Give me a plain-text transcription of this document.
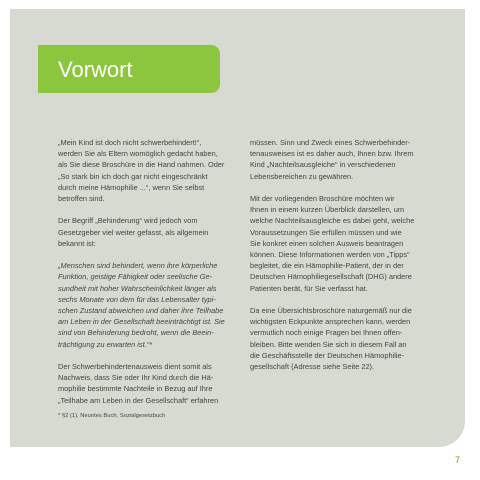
Vorwort
„Mein Kind ist doch nicht schwerbehindert!“,
werden Sie als Eltern womöglich gedacht haben,
als Sie diese Broschüre in die Hand nahmen. Oder
„So stark bin ich doch gar nicht eingeschränkt
durch meine Hämophilie ...“, wenn Sie selbst
betroffen sind.
Der Begriff „Behinderung“ wird jedoch vom
Gesetzgeber viel weiter gefasst, als allgemein
bekannt ist:
„Menschen sind behindert, wenn ihre körperliche
Funktion, geistige Fähigkeit oder seelische Ge-
sundheit mit hoher Wahrscheinlichkeit länger als
sechs Monate von dem für das Lebensalter typi-
schen Zustand abweichen und daher ihre Teilhabe
am Leben in der Gesellschaft beeinträchtigt ist. Sie
sind von Behinderung bedroht, wenn die Beein-
trächtigung zu erwarten ist.“*
Der Schwerbehindertenausweis dient somit als
Nachweis, dass Sie oder Ihr Kind durch die Hä-
mophilie bestimmte Nachteile in Bezug auf Ihre
„Teilhabe am Leben in der Gesellschaft“ erfahren
müssen. Sinn und Zweck eines Schwerbehinder-
tenausweises ist es daher auch, Ihnen bzw. Ihrem
Kind „Nachteilsausgleiche“ in verschiedenen
Lebensbereichen zu gewähren.
Mit der vorliegenden Broschüre möchten wir
Ihnen in einem kurzen Überblick darstellen, um
welche Nachteilsausgleiche es dabei geht, welche
Voraussetzungen Sie erfüllen müssen und wie
Sie konkret einen solchen Ausweis beantragen
können. Diese Informationen werden von „Tipps“
begleitet, die ein Hämophilie-Patient, der in der
Deutschen Hämophiliegesellschaft (DHG) andere
Patienten berät, für Sie verfasst hat.
Da eine Übersichtsbroschüre naturgemäß nur die
wichtigsten Eckpunkte ansprechen kann, werden
vermutlich noch einige Fragen bei Ihnen offen-
bleiben. Bitte wenden Sie sich in diesem Fall an
die Geschäftsstelle der Deutschen Hämophilie-
gesellschaft (Adresse siehe Seite 22).
* §2 (1), Neuntes Buch, Sozialgesetzbuch
7
